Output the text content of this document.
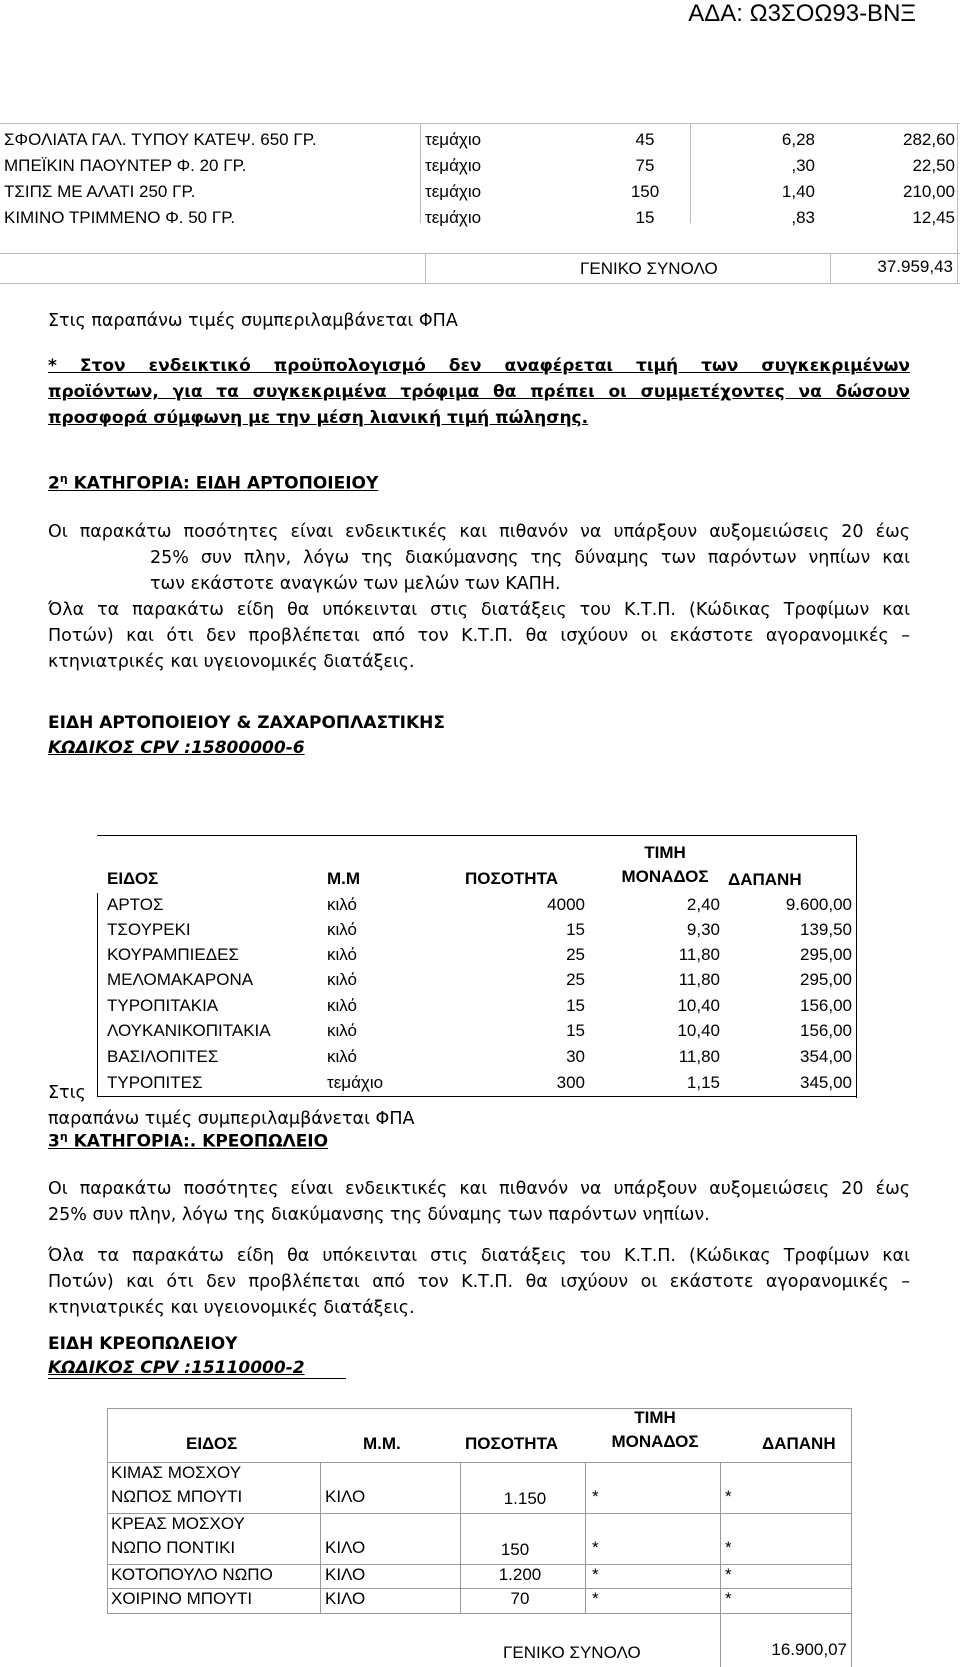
ΑΔΑ: Ω3ΣΟΩ93-ΒΝΞ
ΣΦΟΛΙΑΤΑ ΓΑΛ. ΤΥΠΟΥ ΚΑΤΕΨ. 650 ΓΡ.	τεμάχιο	45	6,28	282,60
ΜΠΕΪΚΙΝ ΠΑΟΥΝΤΕΡ Φ. 20 ΓΡ.	τεμάχιο	75	,30	22,50
ΤΣΙΠΣ ΜΕ ΑΛΑΤΙ 250 ΓΡ.	τεμάχιο	150	1,40	210,00
ΚΙΜΙΝΟ ΤΡΙΜΜΕΝΟ Φ. 50 ΓΡ.	τεμάχιο	15	,83	12,45
ΓΕΝΙΚΟ ΣΥΝΟΛΟ	37.959,43
Στις παραπάνω τιμές συμπεριλαμβάνεται ΦΠΑ
* Στον ενδεικτικό προϋπολογισμό δεν αναφέρεται τιμή των συγκεκριμένων
προϊόντων, για τα συγκεκριμένα τρόφιμα θα πρέπει οι συμμετέχοντες να δώσουν
προσφορά σύμφωνη με την μέση λιανική τιμή πώλησης.
$2^\eta$ ΚΑΤΗΓΟΡΙΑ: ΕΙΔΗ ΑΡΤΟΠΟΙΕΙΟΥ
Οι παρακάτω ποσότητες είναι ενδεικτικές και πιθανόν να υπάρξουν αυξομειώσεις 20 έως
25% συν πλην, λόγω της διακύμανσης της δύναμης των παρόντων νηπίων και
των εκάστοτε αναγκών των μελών των ΚΑΠΗ.
Όλα τα παρακάτω είδη θα υπόκεινται στις διατάξεις του Κ.Τ.Π. (Κώδικας Τροφίμων και
Ποτών) και ότι δεν προβλέπεται από τον Κ.Τ.Π. θα ισχύουν οι εκάστοτε αγορανομικές –
κτηνιατρικές και υγειονομικές διατάξεις.
ΕΙΔΗ ΑΡΤΟΠΟΙΕΙΟΥ & ΖΑΧΑΡΟΠΛΑΣΤΙΚΗΣ
ΚΩΔΙΚΟΣ CPV :15800000-6
ΕΙΔΟΣ	Μ.Μ	ΠΟΣΟΤΗΤΑ
ΤΙΜΗ
ΜΟΝΑΔΟΣ	ΔΑΠΑΝΗ
ΑΡΤΟΣ	κιλό	4000	2,40	9.600,00
ΤΣΟΥΡΕΚΙ	κιλό	15	9,30	139,50
ΚΟΥΡΑΜΠΙΕΔΕΣ	κιλό	25	11,80	295,00
ΜΕΛΟΜΑΚΑΡΟΝΑ	κιλό	25	11,80	295,00
ΤΥΡΟΠΙΤΑΚΙΑ	κιλό	15	10,40	156,00
ΛΟΥΚΑΝΙΚΟΠΙΤΑΚΙΑ	κιλό	15	10,40	156,00
ΒΑΣΙΛΟΠΙΤΕΣ	κιλό	30	11,80	354,00
ΤΥΡΟΠΙΤΕΣ	τεμάχιο	300	1,15	345,00
Στις
παραπάνω τιμές συμπεριλαμβάνεται ΦΠΑ
$3^\eta$ ΚΑΤΗΓΟΡΙΑ:. ΚΡΕΟΠΩΛΕΙΟ
Οι παρακάτω ποσότητες είναι ενδεικτικές και πιθανόν να υπάρξουν αυξομειώσεις 20 έως
25% συν πλην, λόγω της διακύμανσης της δύναμης των παρόντων νηπίων.
Όλα τα παρακάτω είδη θα υπόκεινται στις διατάξεις του Κ.Τ.Π. (Κώδικας Τροφίμων και
Ποτών) και ότι δεν προβλέπεται από τον Κ.Τ.Π. θα ισχύουν οι εκάστοτε αγορανομικές –
κτηνιατρικές και υγειονομικές διατάξεις.
ΕΙΔΗ ΚΡΕΟΠΩΛΕΙΟΥ
ΚΩΔΙΚΟΣ CPV :15110000-2
ΕΙΔΟΣ	Μ.Μ.	ΠΟΣΟΤΗΤΑ
ΤΙΜΗ
ΜΟΝΑΔΟΣ	ΔΑΠΑΝΗ
ΚΙΜΑΣ ΜΟΣΧΟΥ
ΝΩΠΟΣ ΜΠΟΥΤΙ	ΚΙΛΟ	1.150	*	*
ΚΡΕΑΣ ΜΟΣΧΟΥ
ΝΩΠΟ ΠΟΝΤΙΚΙ	ΚΙΛΟ	150	*	*
ΚΟΤΟΠΟΥΛΟ ΝΩΠΟ	ΚΙΛΟ	1.200	*	*
ΧΟΙΡΙΝΟ ΜΠΟΥΤΙ	ΚΙΛΟ	70	*	*
ΓΕΝΙΚΟ ΣΥΝΟΛΟ	16.900,07
